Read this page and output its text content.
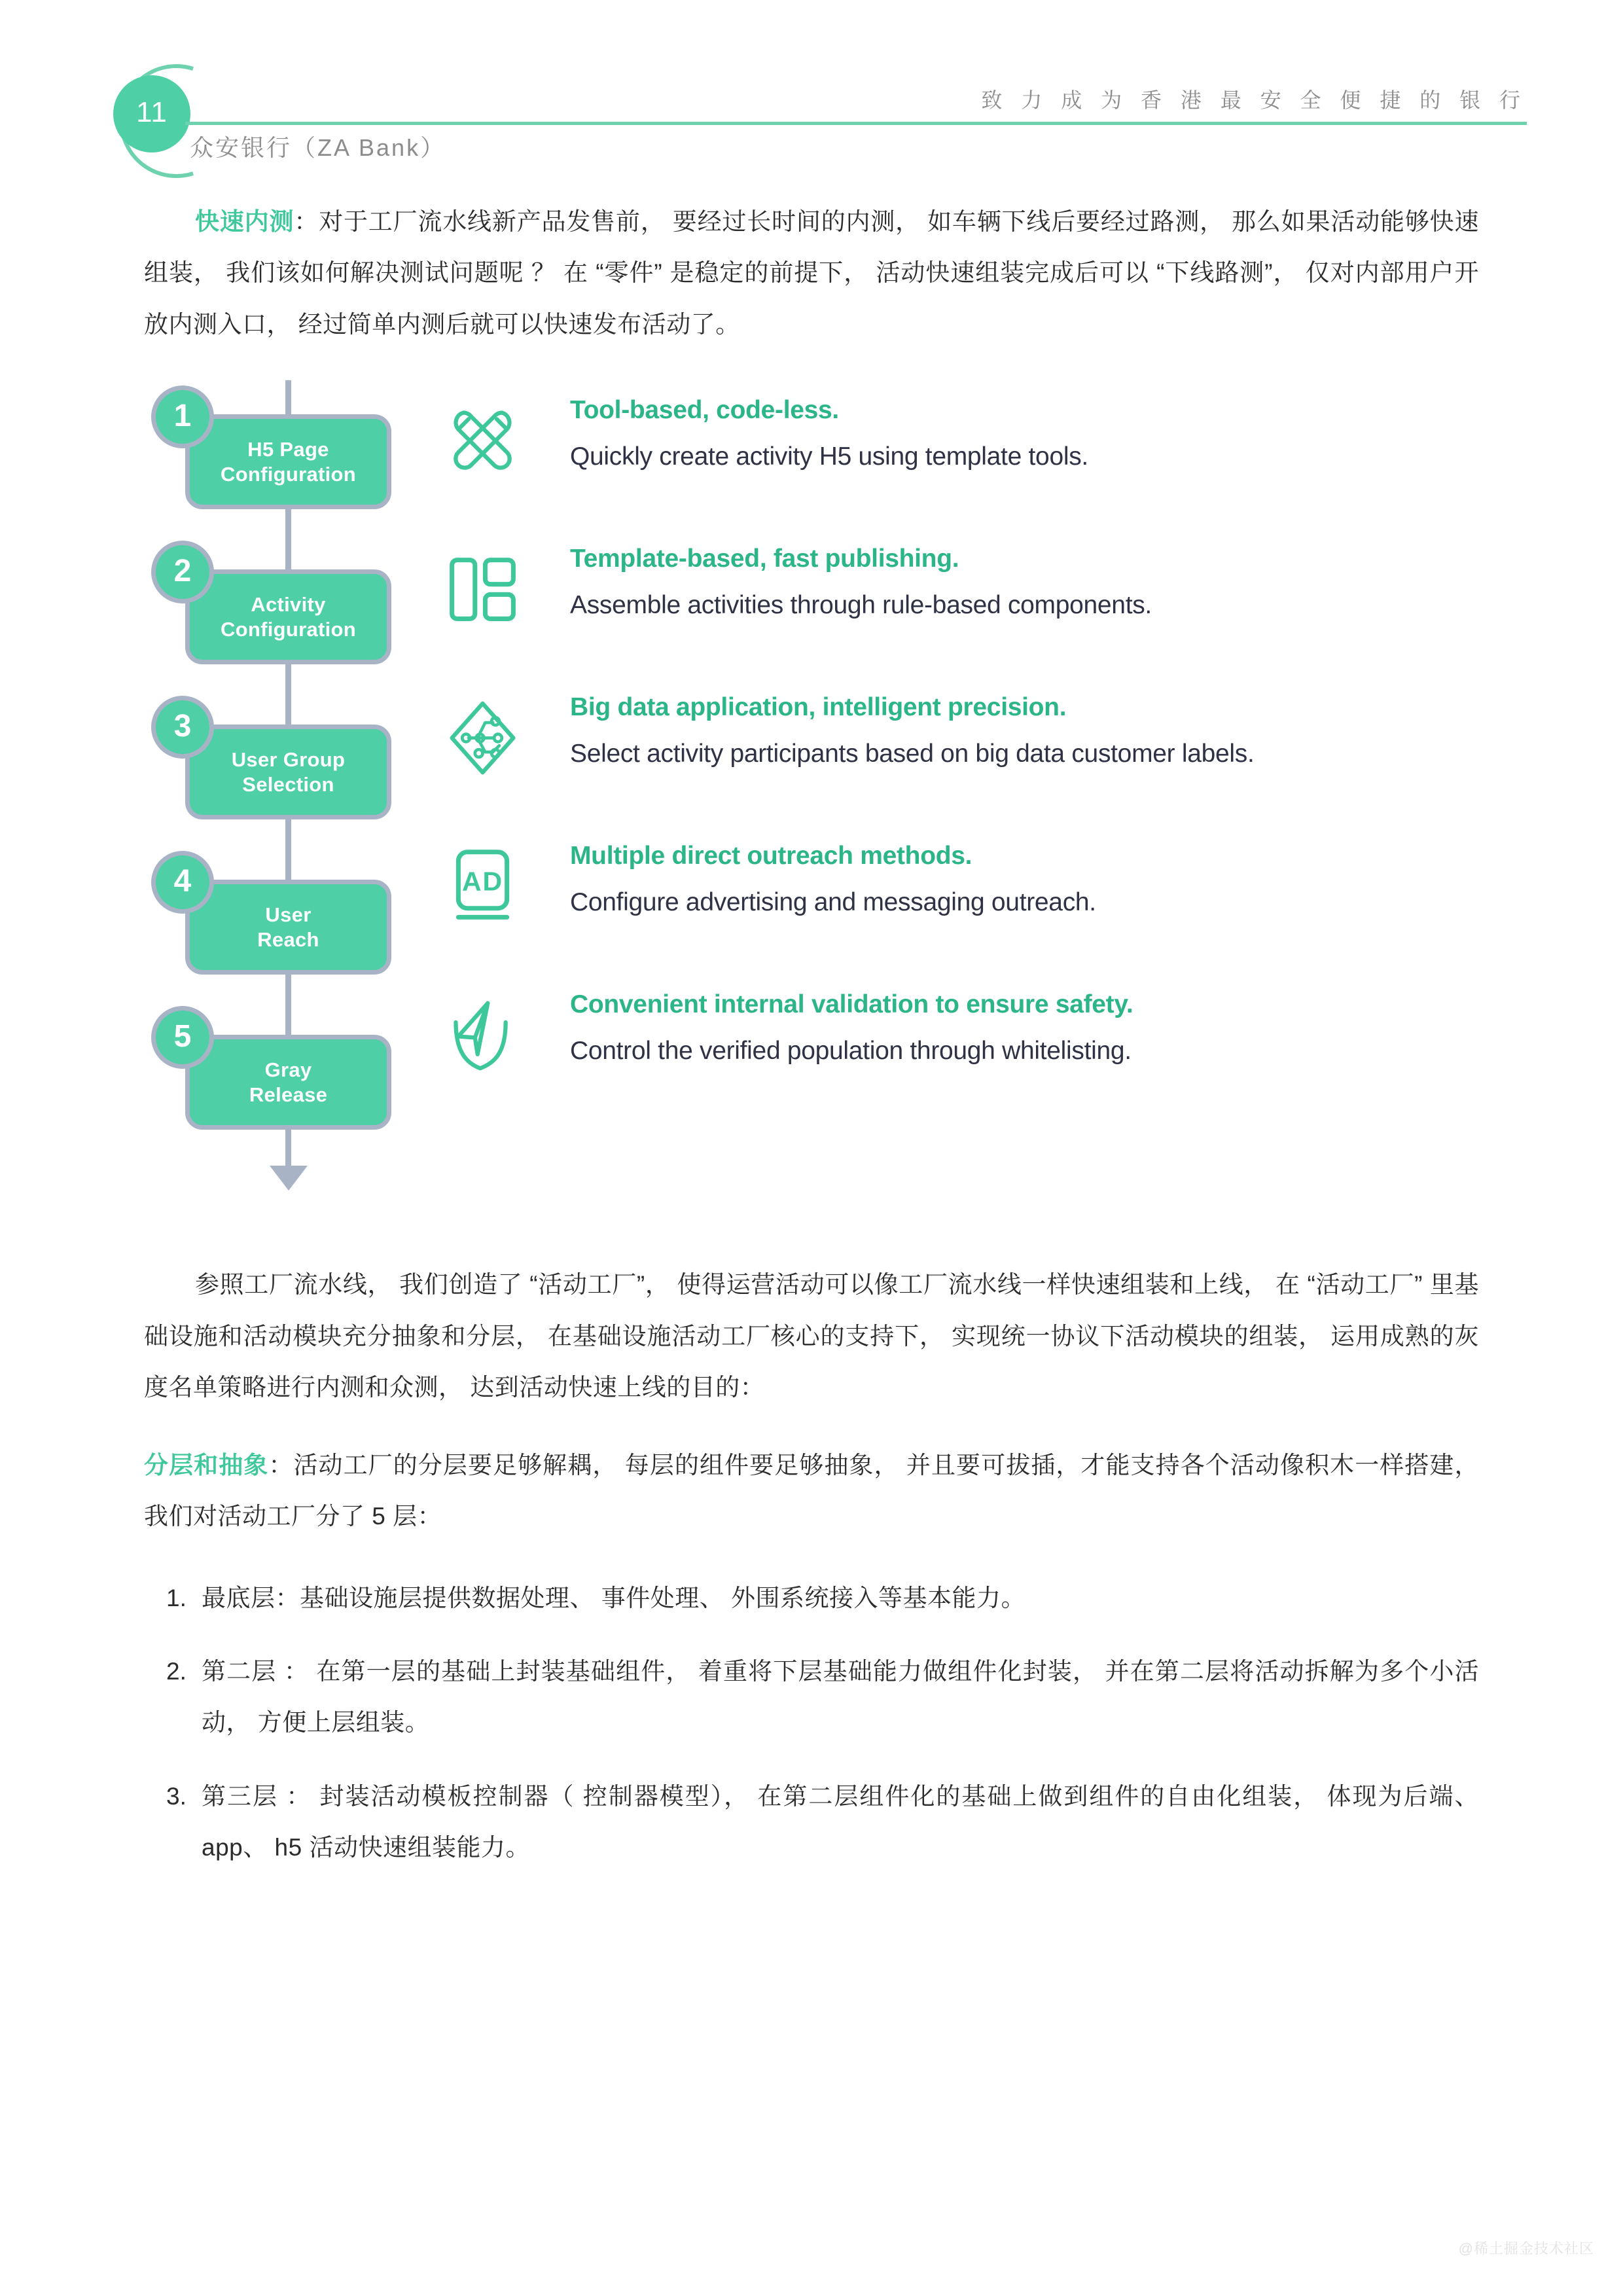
11
众安银行（ZA Bank）
致 力 成 为 香 港 最 安 全 便 捷 的 银 行

快速内测：对于工厂流水线新产品发售前， 要经过长时间的内测， 如车辆下线后要经过路测， 那么如果活动能够快速组装， 我们该如何解决测试问题呢 ？ 在 “零件” 是稳定的前提下， 活动快速组装完成后可以 “下线路测”， 仅对内部用户开放内测入口， 经过简单内测后就可以快速发布活动了。

H5 Page
Configuration
1
Activity
Configuration
2
User Group
Selection
3
User
Reach
4
Gray
Release
5
Tool-based, code-less.
Quickly create activity H5 using template tools.
Template-based, fast publishing.
Assemble activities through rule-based components.
Big data application, intelligent precision.
Select activity participants based on big data customer labels.
AD
Multiple direct outreach methods.
Configure advertising and messaging outreach.
Convenient internal validation to ensure safety.
Control the verified population through whitelisting.

参照工厂流水线， 我们创造了 “活动工厂”， 使得运营活动可以像工厂流水线一样快速组装和上线， 在 “活动工厂” 里基础设施和活动模块充分抽象和分层， 在基础设施活动工厂核心的支持下， 实现统一协议下活动模块的组装， 运用成熟的灰度名单策略进行内测和众测， 达到活动快速上线的目的：

分层和抽象：活动工厂的分层要足够解耦， 每层的组件要足够抽象， 并且要可拔插，才能支持各个活动像积木一样搭建， 我们对活动工厂分了 5 层：

1. 最底层：基础设施层提供数据处理、 事件处理、 外围系统接入等基本能力。
2. 第二层 ： 在第一层的基础上封装基础组件， 着重将下层基础能力做组件化封装， 并在第二层将活动拆解为多个小活动， 方便上层组装。
3. 第三层 ： 封装活动模板控制器（ 控制器模型）， 在第二层组件化的基础上做到组件的自由化组装， 体现为后端、 app、 h5 活动快速组装能力。
@稀土掘金技术社区
